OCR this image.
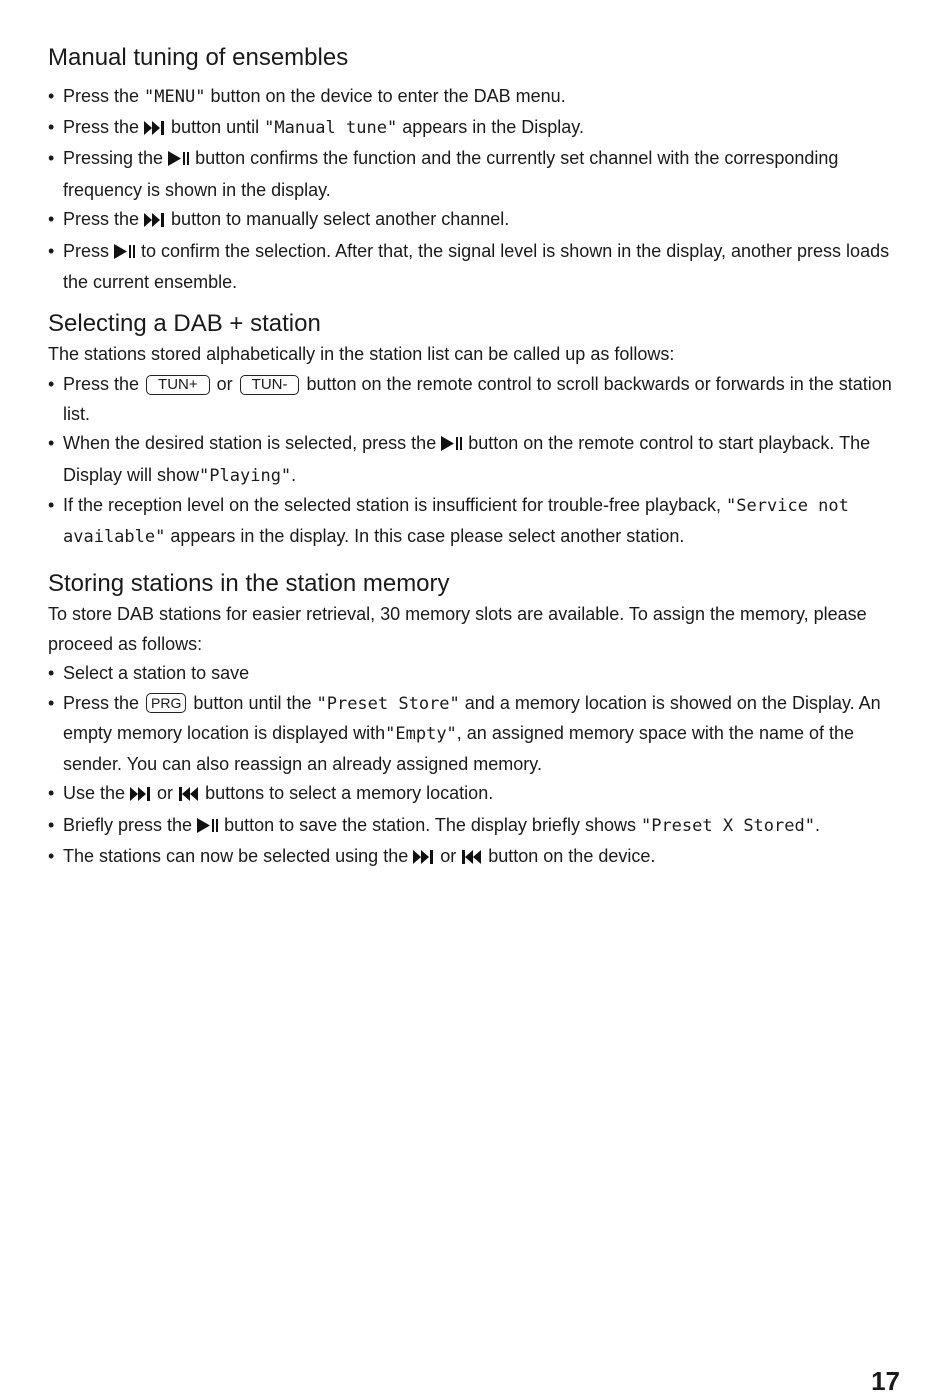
Manual tuning of ensembles
• Press the "MENU" button on the device to enter the DAB menu.
• Press the  button until "Manual tune" appears in the Display.
• Pressing the  button confirms the function and the currently set channel with the corresponding frequency is shown in the display.
• Press the  button to manually select another channel.
• Press  to confirm the selection. After that, the signal level is shown in the display, another press loads the current ensemble.
Selecting a DAB + station
The stations stored alphabetically in the station list can be called up as follows:
• Press the TUN+ or TUN- button on the remote control to scroll backwards or forwards in the station list.
• When the desired station is selected, press the  button on the remote control to start playback. The Display will show"Playing".
• If the reception level on the selected station is insufficient for trouble-free playback, "Service not available" appears in the display. In this case please select another station.
Storing stations in the station memory
To store DAB stations for easier retrieval, 30 memory slots are available. To assign the memory, please proceed as follows:
• Select a station to save
• Press the PRG button until the "Preset Store" and a memory location is showed on the Display. An empty memory location is displayed with"Empty", an assigned memory space with the name of the sender. You can also reassign an already assigned memory.
• Use the  or  buttons to select a memory location.
• Briefly press the  button to save the station. The display briefly shows "Preset X Stored".
• The stations can now be selected using the  or  button on the device.
17
